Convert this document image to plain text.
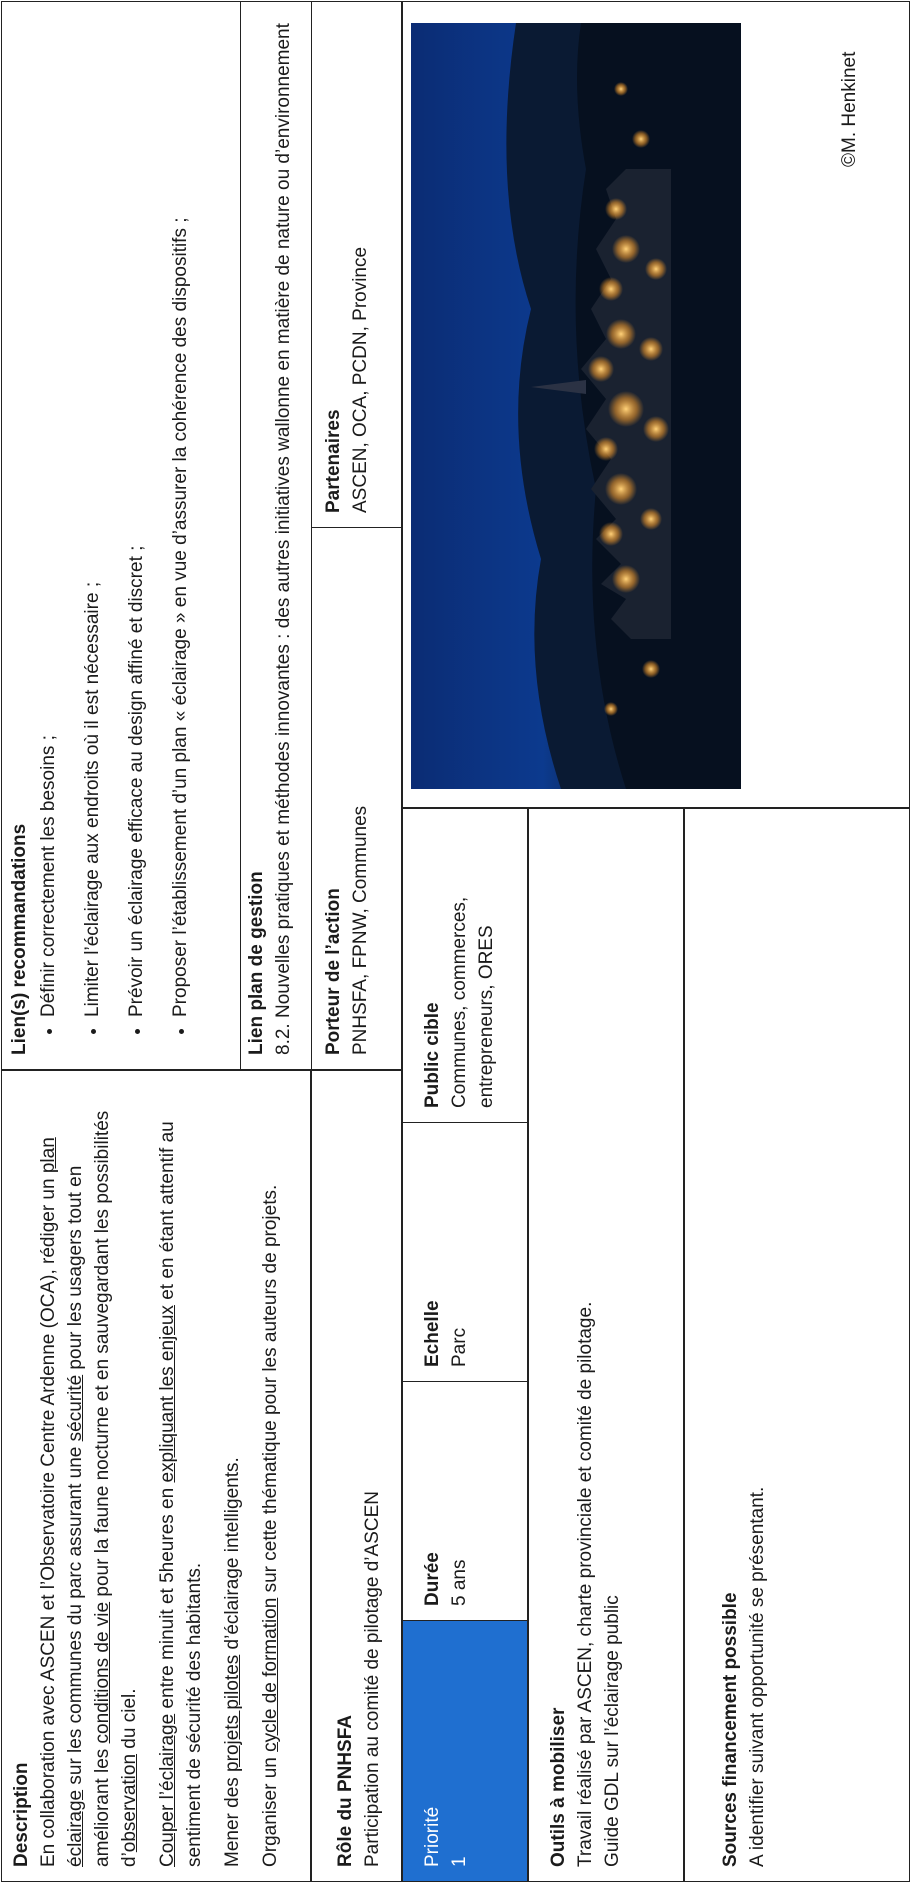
Description En collaboration avec ASCEN et l’Observatoire Centre Ardenne (OCA), rédiger un plan éclairage sur les communes du parc assurant une sécurité pour les usagers tout en améliorant les conditions de vie pour la faune nocturne et en sauvegardant les possibilités d’observation du ciel. Couper l’éclairage entre minuit et 5heures en expliquant les enjeux et en étant attentif au sentiment de sécurité des habitants. Mener des projets pilotes d’éclairage intelligents.

Organiser un cycle de formation sur cette thématique pour les auteurs de projets.

Lien(s) recommandations • Définir correctement les besoins ; • Limiter l’éclairage aux endroits où il est nécessaire ; • Prévoir un éclairage efficace au design affiné et discret ; • Proposer l’établissement d’un plan « éclairage » en vue d’assurer la cohérence des dispositifs ;	Lien plan de gestion 8.2. Nouvelles pratiques et méthodes innovantes : des autres initiatives wallonne en matière de nature ou d’environnement
Rôle du PNHSFA Participation au comité de pilotage d’ASCEN
Porteur de l’action PNHSFA, FPNW, Communes
Partenaires ASCEN, OCA, PCDN, Province
Priorité 1
Durée 5 ans
Echelle Parc
Public cible Communes, commerces, entrepreneurs, ORES
Outils à mobiliser Travail réalisé par ASCEN, charte provinciale et comité de pilotage. Guide GDL sur l’éclairage public	Sources financement possible A identifier suivant opportunité se présentant.
©M. Henkinet
